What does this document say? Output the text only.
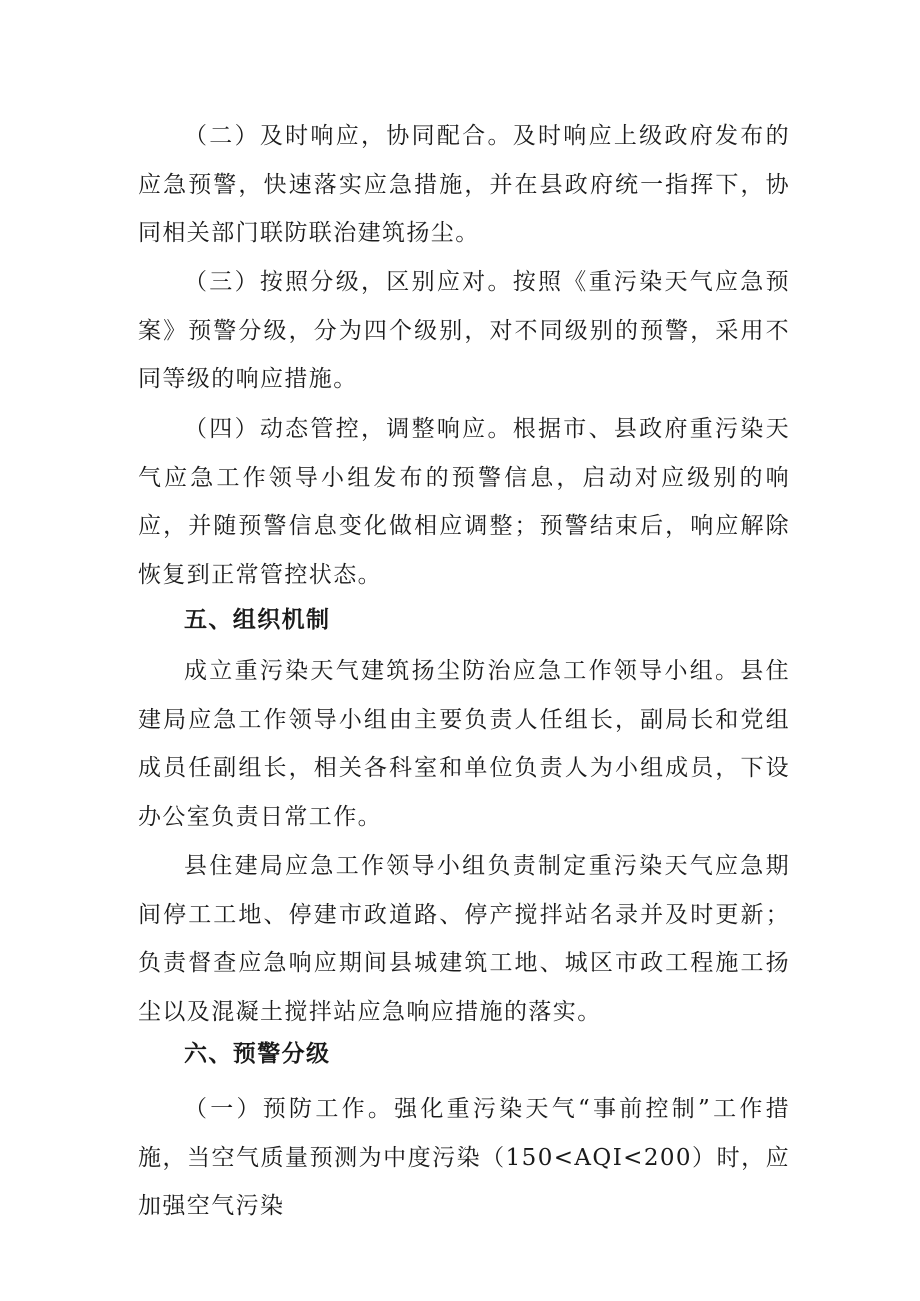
（二）及时响应，协同配合。及时响应上级政府发布的应急预警，快速落实应急措施，并在县政府统一指挥下，协同相关部门联防联治建筑扬尘。

（三）按照分级，区别应对。按照《重污染天气应急预案》预警分级，分为四个级别，对不同级别的预警，采用不同等级的响应措施。

（四）动态管控，调整响应。根据市、县政府重污染天气应急工作领导小组发布的预警信息，启动对应级别的响应，并随预警信息变化做相应调整；预警结束后，响应解除恢复到正常管控状态。

五、组织机制

成立重污染天气建筑扬尘防治应急工作领导小组。县住建局应急工作领导小组由主要负责人任组长，副局长和党组成员任副组长，相关各科室和单位负责人为小组成员，下设办公室负责日常工作。

县住建局应急工作领导小组负责制定重污染天气应急期间停工工地、停建市政道路、停产搅拌站名录并及时更新；负责督查应急响应期间县城建筑工地、城区市政工程施工扬尘以及混凝土搅拌站应急响应措施的落实。

六、预警分级

（一）预防工作。强化重污染天气“事前控制”工作措施，当空气质量预测为中度污染（150<AQI<200）时，应加强空气污染
